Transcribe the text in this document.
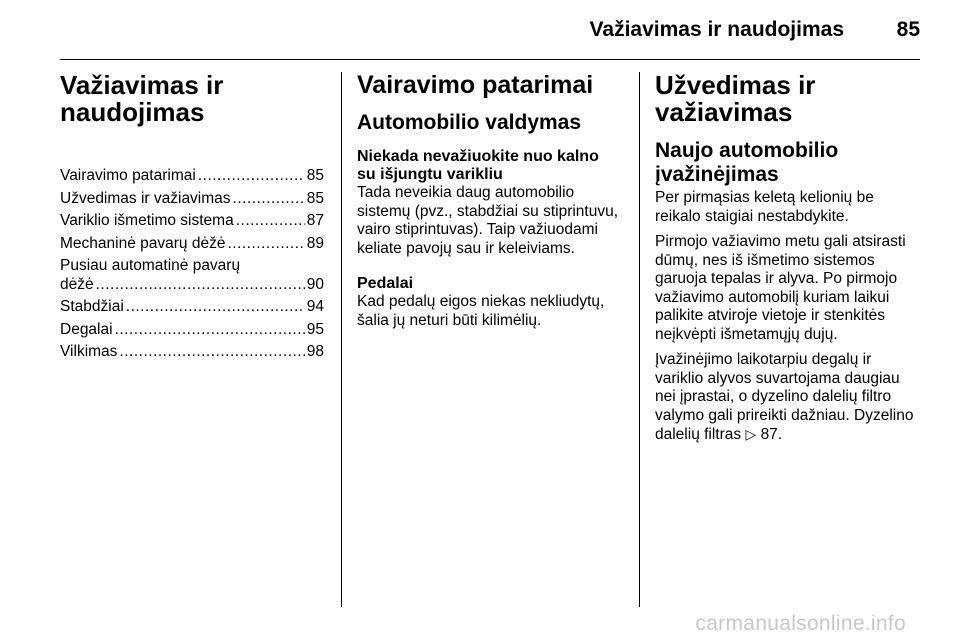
Važiavimas ir naudojimas	85
Važiavimas ir
naudojimas
Vairavimo patarimai .....	85
Užvedimas ir važiavimas .....	85
Variklio išmetimo sistema .....	87
Mechaninė pavarų dėžė .....	89
Pusiau automatinė pavarų
dėžė .....	90
Stabdžiai .....	94
Degalai .....	95
Vilkimas .....	98
Vairavimo patarimai
Automobilio valdymas
Niekada nevažiuokite nuo kalno
su išjungtu varikliu

Tada neveikia daug automobilio sistemų (pvz., stabdžiai su stiprintuvu, vairo stiprintuvas). Taip važiuodami keliate pavojų sau ir keleiviams.

Pedalai

Kad pedalų eigos niekas nekliudytų, šalia jų neturi būti kilimėlių.

Užvedimas ir
važiavimas
Naujo automobilio
įvažinėjimas

Per pirmąsias keletą kelionių be reikalo staigiai nestabdykite.

Pirmojo važiavimo metu gali atsirasti dūmų, nes iš išmetimo sistemos garuoja tepalas ir alyva. Po pirmojo važiavimo automobilį kuriam laikui palikite atviroje vietoje ir stenkitės neįkvėpti išmetamųjų dujų.

Įvažinėjimo laikotarpiu degalų ir variklio alyvos suvartojama daugiau nei įprastai, o dyzelino dalelių filtro valymo gali prireikti dažniau. Dyzelino dalelių filtras ▷ 87.

carmanualsonline.info
